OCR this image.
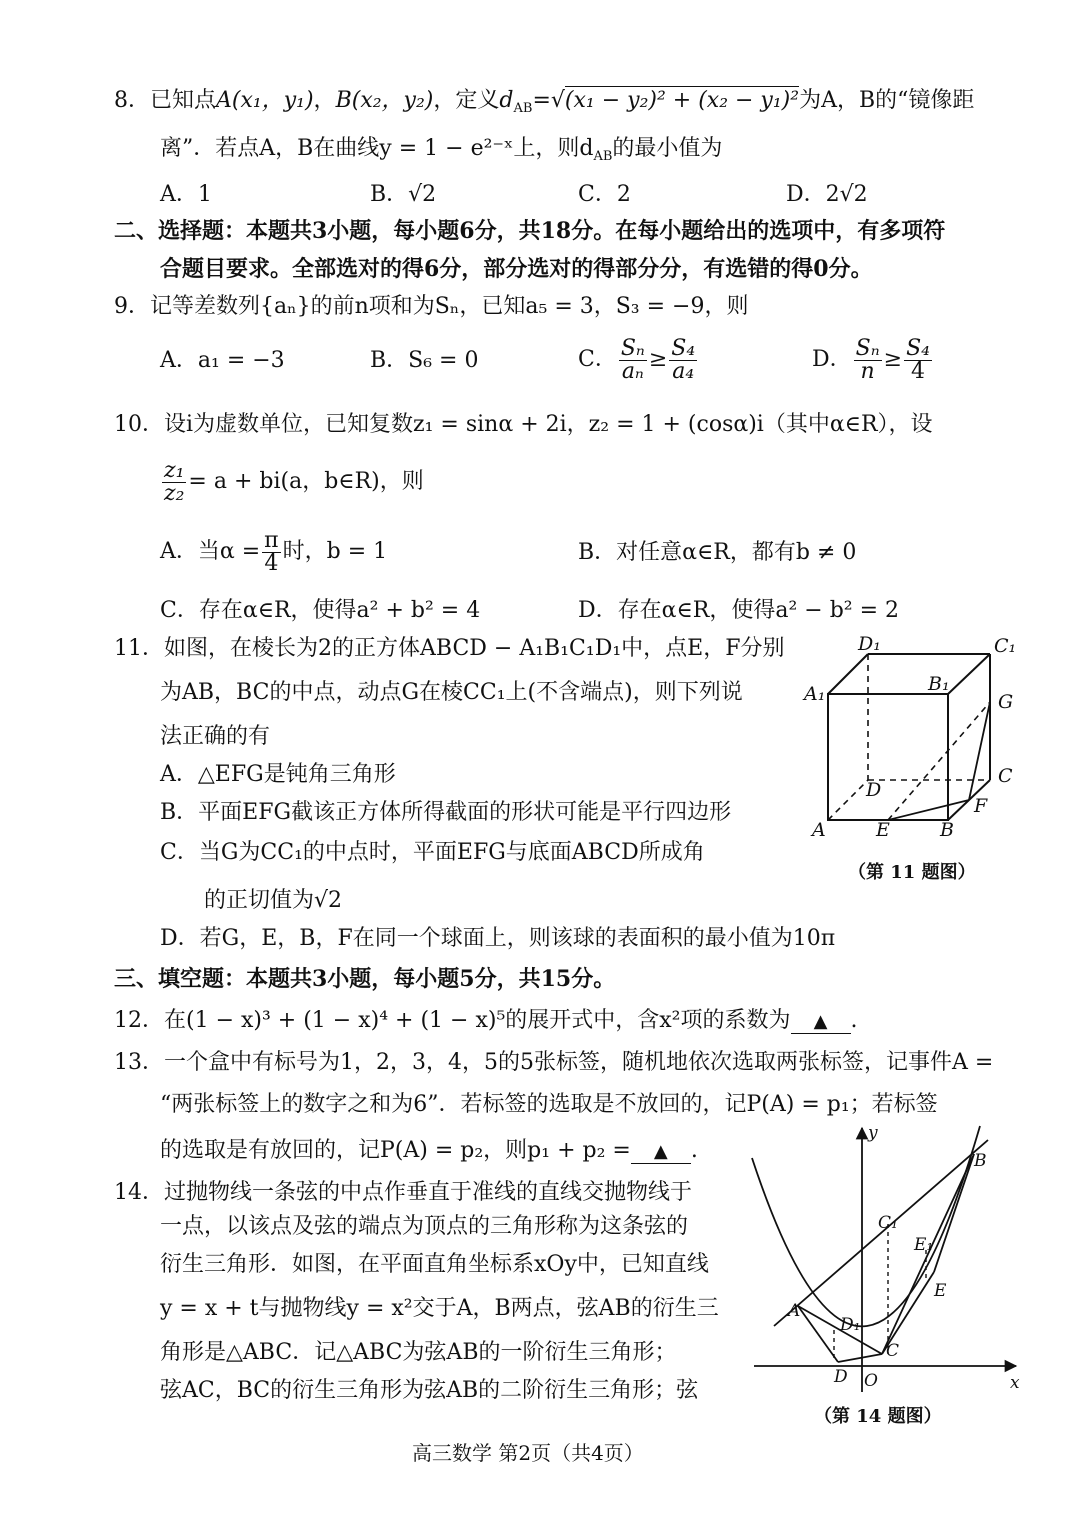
8．已知点A(x₁，y₁)，B(x₂，y₂)，定义$d_{AB}=√(x_1 - y_2)^2 + (x_2 - y_1)^2$为A，B的“镜像距
离”．若点A，B在曲线y = 1 − e²⁻ˣ上，则$d_{AB}$的最小值为
A．1	B．√2	C．2	D．2√2
二、选择题：本题共3小题，每小题6分，共18分。在每小题给出的选项中，有多项符
合题目要求。全部选对的得6分，部分选对的得部分分，有选错的得0分。
9．记等差数列{aₙ}的前n项和为Sₙ，已知a₅ = 3，S₃ = −9，则
A．a₁ = −3	B．S₆ = 0	C． $\frac{\text{Sₙ}}{\text{aₙ}} \ge \frac{\text{S₄}}{\text{a₄}}$	D． $\frac{\text{Sₙ}}{n} \ge \frac{\text{S₄}}{4}$
10．设i为虚数单位，已知复数z₁ = sinα + 2i，z₂ = 1 + (cosα)i（其中α∈R），设
$\frac{\text{z₁}}{\text{z₂}} = a + bi(a$，b∈R)，则
A．当$\alpha = \frac{\pi}{4}$ 时，b = 1	B．对任意α∈R，都有b ≠ 0
C．存在α∈R，使得a² + b² = 4	D．存在α∈R，使得a² − b² = 2
11．如图，在棱长为2的正方体ABCD − A₁B₁C₁D₁中，点E，F分别
为AB，BC的中点，动点G在棱CC₁上(不含端点)，则下列说
法正确的有
A．△EFG是钝角三角形
B．平面EFG截该正方体所得截面的形状可能是平行四边形
C．当G为CC₁的中点时，平面EFG与底面ABCD所成角
的正切值为√2
D．若G，E，B，F在同一个球面上，则该球的表面积的最小值为10π
D₁	C₁
A₁	B₁
G
D
C
F
A	E	B
（第 11 题图）
三、填空题：本题共3小题，每小题5分，共15分。
12．在(1 − x)³ + (1 − x)⁴ + (1 − x)⁵的展开式中，含x²项的系数为 ▲ .
13．一个盒中有标号为1，2，3，4，5的5张标签，随机地依次选取两张标签，记事件A =
“两张标签上的数字之和为6”．若标签的选取是不放回的，记P(A) = p₁；若标签
的选取是有放回的，记P(A) = p₂，则p₁ + p₂ = ▲ .
14．过抛物线一条弦的中点作垂直于准线的直线交抛物线于
一点，以该点及弦的端点为顶点的三角形称为这条弦的
衍生三角形．如图，在平面直角坐标系xOy中，已知直线
y = x + t与抛物线y = x²交于A，B两点，弦AB的衍生三
角形是△ABC．记△ABC为弦AB的一阶衍生三角形；
弦AC，BC的衍生三角形为弦AB的二阶衍生三角形；弦
y
B
C₁
E₁
E
A
D₁
D O
C
x
（第 14 题图）
高三数学 第2页（共4页）
